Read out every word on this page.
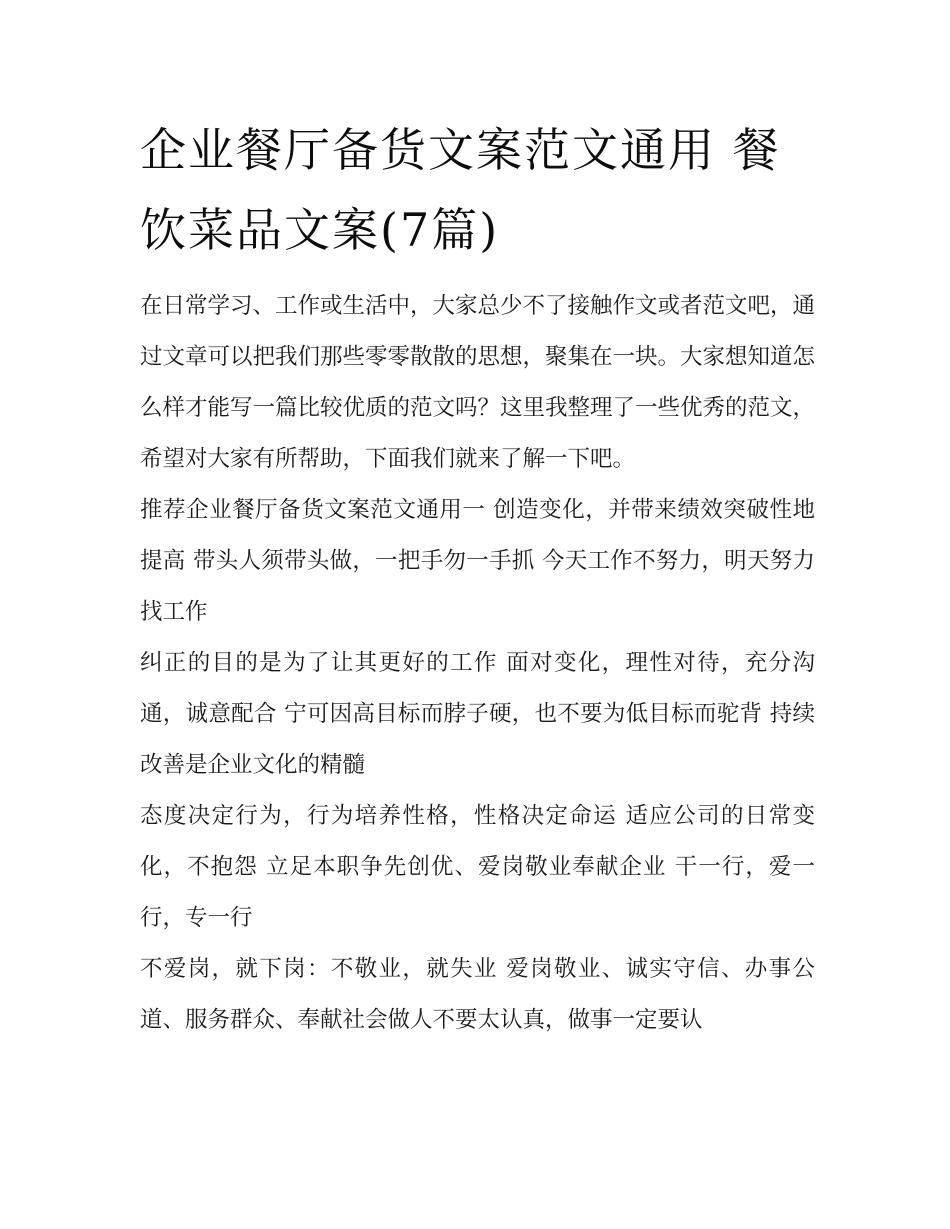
企业餐厅备货文案范文通用 餐饮菜品文案(7篇)

在日常学习、工作或生活中，大家总少不了接触作文或者范文吧，通过文章可以把我们那些零零散散的思想，聚集在一块。大家想知道怎么样才能写一篇比较优质的范文吗？这里我整理了一些优秀的范文，希望对大家有所帮助，下面我们就来了解一下吧。

推荐企业餐厅备货文案范文通用一 创造变化，并带来绩效突破性地提高 带头人须带头做，一把手勿一手抓 今天工作不努力，明天努力找工作

纠正的目的是为了让其更好的工作 面对变化，理性对待，充分沟通，诚意配合 宁可因高目标而脖子硬，也不要为低目标而驼背 持续改善是企业文化的精髓

态度决定行为，行为培养性格，性格决定命运 适应公司的日常变化，不抱怨 立足本职争先创优、爱岗敬业奉献企业 干一行，爱一行，专一行

不爱岗，就下岗：不敬业，就失业 爱岗敬业、诚实守信、办事公道、服务群众、奉献社会做人不要太认真，做事一定要认
